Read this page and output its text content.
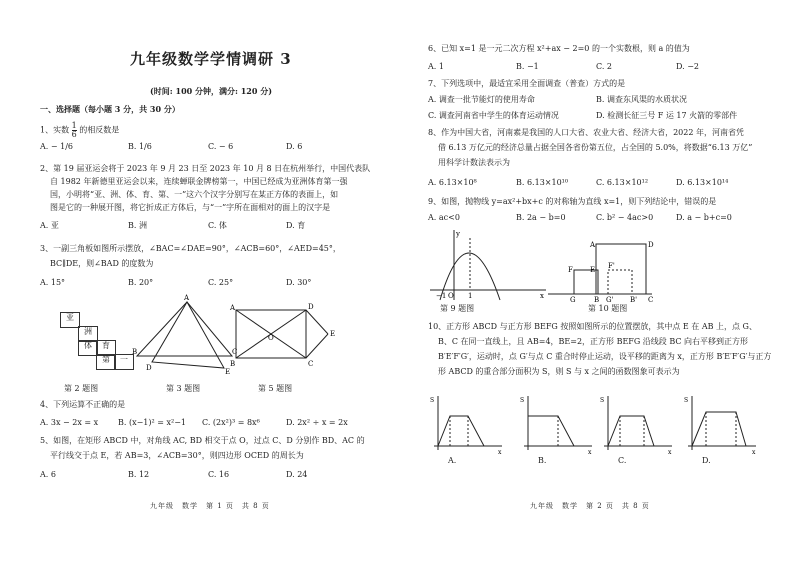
九年级数学学情调研 3
(时间: 100 分钟，满分: 120 分)
一、选择题（每小题 3 分，共 30 分）
1、实数 $\frac{1}{6}$ 的相反数是
A. − 1/6	B. 1/6	C. − 6	D. 6
2、第 19 届亚运会将于 2023 年 9 月 23 日至 2023 年 10 月 8 日在杭州举行，中国代表队
自 1982 年新德里亚运会以来，连续蝉联金牌榜第一，中国已经成为亚洲体育第一强
国，小明将“亚、洲、体、育、第、一”这六个汉字分别写在某正方体的表面上，如
图是它的一种展开图，将它折成正方体后，与“一”字所在面相对的面上的汉字是
A. 亚	B. 洲	C. 体	D. 育
3、一副三角板如图所示摆放，∠BAC=∠DAE=90°，∠ACB=60°，∠AED=45°，
BC∥DE，则∠BAD 的度数为
A. 15°	B. 20°	C. 25°	D. 30°
亚
洲
体	育
第	一
第 2 题图
A
B	C
D	E
第 3 题图
A	D
O	E
B	C
第 5 题图
4、下列运算不正确的是
A. 3x − 2x = x B. (x−1)² = x²−1 C. (2x²)³ = 8x⁶	D. 2x² ÷ x = 2x
5、如图，在矩形 ABCD 中，对角线 AC, BD 相交于点 O，过点 C、D 分别作 BD、AC 的
平行线交于点 E，若 AB=3，∠ACB=30°，则四边形 OCED 的周长为
A. 6	B. 12	C. 16	D. 24
九年级　数学　第 1 页　共 8 页
6、已知 x=1 是一元二次方程 x²+ax − 2=0 的一个实数根，则 a 的值为
A. 1	B. −1	C. 2	D. −2
7、下列选项中，最适宜采用全面调查（普查）方式的是
A. 调查一批节能灯的使用寿命	B. 调查东风渠的水质状况
C. 调查河南省中学生的体育运动情况	D. 检测长征三号 F 运 17 火箭的零部件
8、作为中国大省，河南素是我国的人口大省、农业大省、经济大省，2022 年，河南省凭
借 6.13 万亿元的经济总量占据全国各省份第五位，占全国的 5.0%，将数据“6.13 万亿”
用科学计数法表示为
A. 6.13×10⁸	B. 6.13×10¹⁰	C. 6.13×10¹²	D. 6.13×10¹⁴
9、如图，抛物线 y=ax²+bx+c 的对称轴为直线 x=1，则下列结论中，错误的是
A. ac<0	B. 2a − b=0	C. b² − 4ac>0	D. a − b+c=0
y
O 1	x
−1
第 9 题图
A	D
E
F
C
B G'
G	B'
F'
第 10 题图
10、正方形 ABCD 与正方形 BEFG 按照如图所示的位置摆放，其中点 E 在 AB 上，点 G、
B、C 在同一直线上，且 AB=4，BE=2，正方形 BEFG 沿线段 BC 向右平移到正方形
B′E′F′G′，运动时，点 G′与点 C 重合时停止运动，设平移的距离为 x，正方形 B′E′F′G′与正方
形 ABCD 的重合部分面积为 S，则 S 与 x 之间的函数图象可表示为
S
x
A.
S
x
B.
S
x
C.
S
x
D.
九年级　数学　第 2 页　共 8 页
